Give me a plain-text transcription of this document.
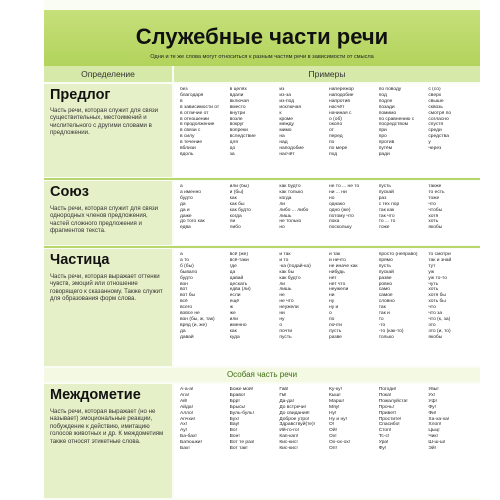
Служебные части речи
Одни и те же слова могут относиться к разным частям речи в зависимости от смысла
Определение	Примеры
Предлог
Часть речи, которая служит для связи существительных, местоимений и числительного с другими словами в предложении.
без
благодаря
в
в зависимости от
в отличие от
в отношении
в продолжение
в связи с
в силу
в течение
вблизи
вдоль
в целях
вдали
включая
вместо
внутри
возле
вокруг
вопреки
вследствие
для
до
за
из
из-за
из-под
исключая
к
кроме
между
мимо
на
над
наподобие
насчёт
напережор
наподобие
напротив
насчёт
начиная с
о (об)
около
от
перед
по
по мере
под
по поводу
под
подле
позади
помимо
по сравнению с
посредством
при
про
против
путём
ради
с (со)
сверх
свыше
сквозь
смотря по
согласно
спустя
среди
средства
у
через
Союз
Часть речи, которая служит для связи однородных членов предложения, частей сложного предложения и фрагментов текста.
а
а именно
будто
да
да и
даже
до того как
едва
или (бы)
и (бы)
как
как бы
как будто
когда
ли
либо
как будто
как только
когда
ли
либо ... либо
лишь
не только
но
не то ... не то
ни ... ни
но
однако
одно (же)
потому что
пока
поскольку
пусть
пускай
раз
с тех пор
так как
так что
то ... то
тоже
также
то есть
тоже
что
чтобы
хотя
хоть
якобы
Частица
Часть речи, которая выражает оттенки чувств, эмоций или отношение говорящего к сказанному. Также служит для образования форм слова.
а
а то
б (бы)
бывало
будто
вон
вот
вот бы
всё
всего
вовсе не
вон (бы, ж, так)
вряд (и, же)
да
давай
всё (же)
всё-таки
где
да
давай
дескать
едва (ли)
если
ещё
ж
же
или
именно
как
куда
и так
и то
-ка (подай-ка)
как бы
как будто
ли
лишь
не
не что
неужели
ни
ну
о
почти
пусть
и так
и нечто
не иначе как
нибудь
нет
нет что
неужели
ни
ну
ну и
о
по
почти
пусть
разве
просто (неправо)
прямо
пусть
пускай
разве
ровно
само
самое
словно
так
так и
то
-то
-то (как-то)
только
то смотри
так и знай
тут
уж
уж то-то
чуть
хоть
хотя бы
хоть бы
что
что за
что (к, за)
это
это (и, то)
якобы
Особая часть речи
Междометие
Часть речи, которая выражает (но не называет) эмоциональные реакции, побуждение к действию, имитацию голосов животных и др. К междометиям также относят этикетные слова.
А-а-а!
Ага!
Ай!
Айда!
Алло!
Апчхи!
Ах!
Ау!
Ба-бах!
Батюшки!
Бах!
Боже мой!
Браво!
Брр!
Брысь!
Буль-буль!
Бух!
Вау!
Во!
Вон!
Вот те раз!
Вот так!
Гав!
Гм!
Да-да!
До встречи!
До свидания!
Доброе утро!
Здравствуй(те)!
Ий-го-го!
Кап-кап!
Кис-кис!
Кис-кис!
Ку-ку!
Кыш!
Марш!
Мяу!
Ну!
Ну и ну!
О!
Ой!
Ох!
Ох-ох-ох!
Оп!
Погоди!
Пока!
Пожалуйста!
Прочь!
Привет!
Простите!
Спасибо!
Стоп!
Тс-с!
Ура!
Фу!
Увы!
Ух!
Уф!
Фу!
Фи!
Ха-ха-ха!
Хлоп!
Цыц!
Чик!
Ш-ш-ш!
Эй!
